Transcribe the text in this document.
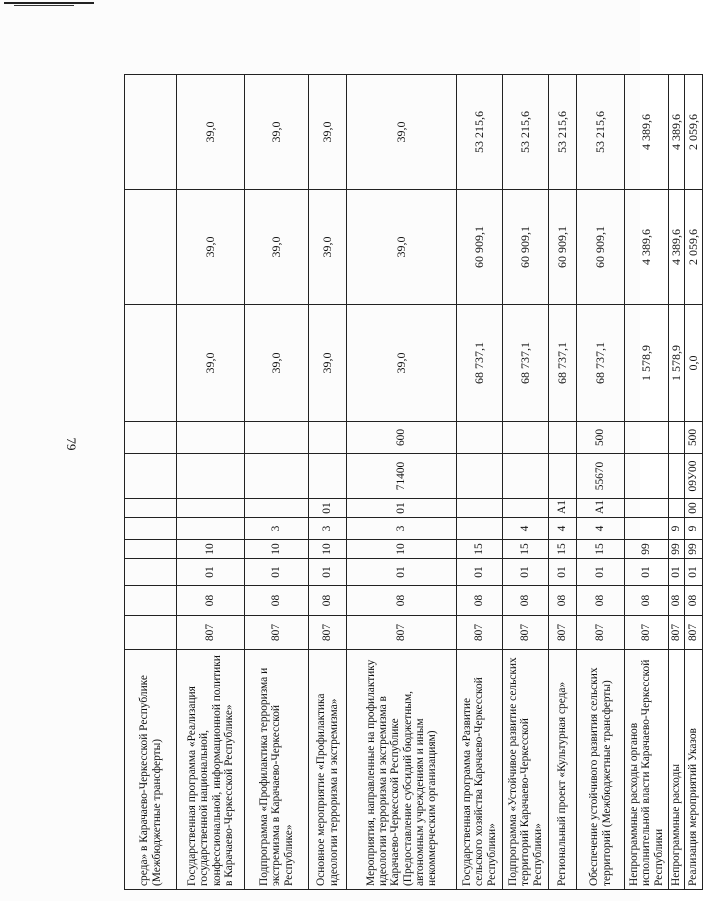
79
среда» в Карачаево-Черкесской Республике (Межбюджетные трансферты)											
Государственная программа «Реализация государственной национальной, конфессиональной, информационной политики в Карачаево-Черкесской Республике»	807	08	01	10					39,0	39,0	39,0
Подпрограмма «Профилактика терроризма и экстремизма в Карачаево-Черкесской Республике»	807	08	01	10	3				39,0	39,0	39,0
Основное мероприятие «Профилактика идеологии терроризма и экстремизма»	807	08	01	10	3	01			39,0	39,0	39,0
Мероприятия, направленные на профилактику идеологии терроризма и экстремизма в Карачаево-Черкесской Республике (Предоставление субсидий бюджетным, автономным учреждениям и иным некоммерческим организациям)	807	08	01	10	3	01	71400	600	39,0	39,0	39,0
Государственная программа «Развитие сельского хозяйства Карачаево-Черкесской Республики»	807	08	01	15					68 737,1	60 909,1	53 215,6
Подпрограмма «Устойчивое развитие сельских территорий Карачаево-Черкесской Республики»	807	08	01	15	4				68 737,1	60 909,1	53 215,6
Региональный проект «Культурная среда»	807	08	01	15	4	A1			68 737,1	60 909,1	53 215,6
Обеспечение устойчивого развития сельских территорий (Межбюджетные трансферты)	807	08	01	15	4	A1	55670	500	68 737,1	60 909,1	53 215,6
Непрограммные расходы органов исполнительной власти Карачаево-Черкесской Республики	807	08	01	99					1 578,9	4 389,6	4 389,6
Непрограммные расходы	807	08	01	99	9				1 578,9	4 389,6	4 389,6
Реализация мероприятий Указов	807	08	01	99	9	00	09У00	500	0,0	2 059,6	2 059,6
